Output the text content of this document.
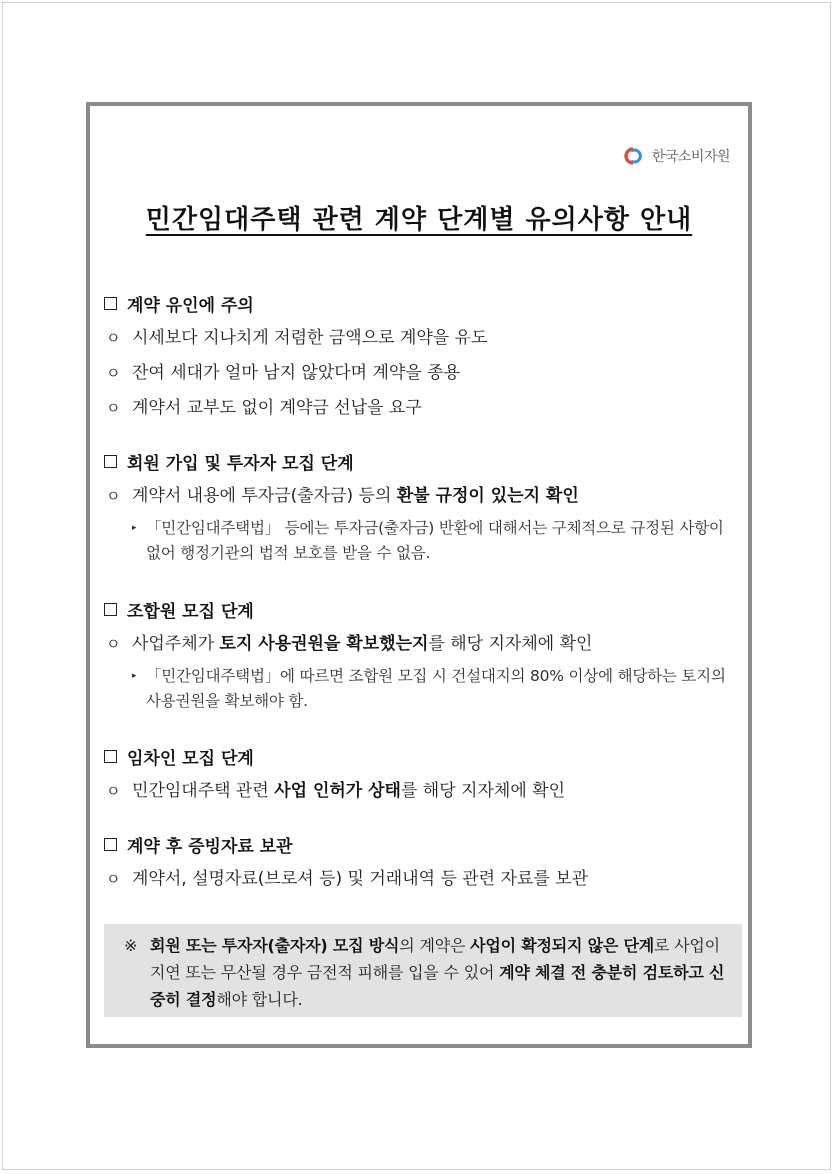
한국소비자원
민간임대주택 관련 계약 단계별 유의사항 안내
계약 유인에 주의
ㅇ 시세보다 지나치게 저렴한 금액으로 계약을 유도
ㅇ 잔여 세대가 얼마 남지 않았다며 계약을 종용
ㅇ 계약서 교부도 없이 계약금 선납을 요구
회원 가입 및 투자자 모집 단계
ㅇ 계약서 내용에 투자금(출자금) 등의 환불 규정이 있는지 확인
▸ 「민간임대주택법」 등에는 투자금(출자금) 반환에 대해서는 구체적으로 규정된 사항이 없어 행정기관의 법적 보호를 받을 수 없음.
조합원 모집 단계
ㅇ 사업주체가 토지 사용권원을 확보했는지를 해당 지자체에 확인
▸ 「민간임대주택법」에 따르면 조합원 모집 시 건설대지의 80% 이상에 해당하는 토지의 사용권원을 확보해야 함.
임차인 모집 단계
ㅇ 민간임대주택 관련 사업 인허가 상태를 해당 지자체에 확인
계약 후 증빙자료 보관
ㅇ 계약서, 설명자료(브로셔 등) 및 거래내역 등 관련 자료를 보관
※ 회원 또는 투자자(출자자) 모집 방식의 계약은 사업이 확정되지 않은 단계로 사업이 지연 또는 무산될 경우 금전적 피해를 입을 수 있어 계약 체결 전 충분히 검토하고 신중히 결정해야 합니다.
